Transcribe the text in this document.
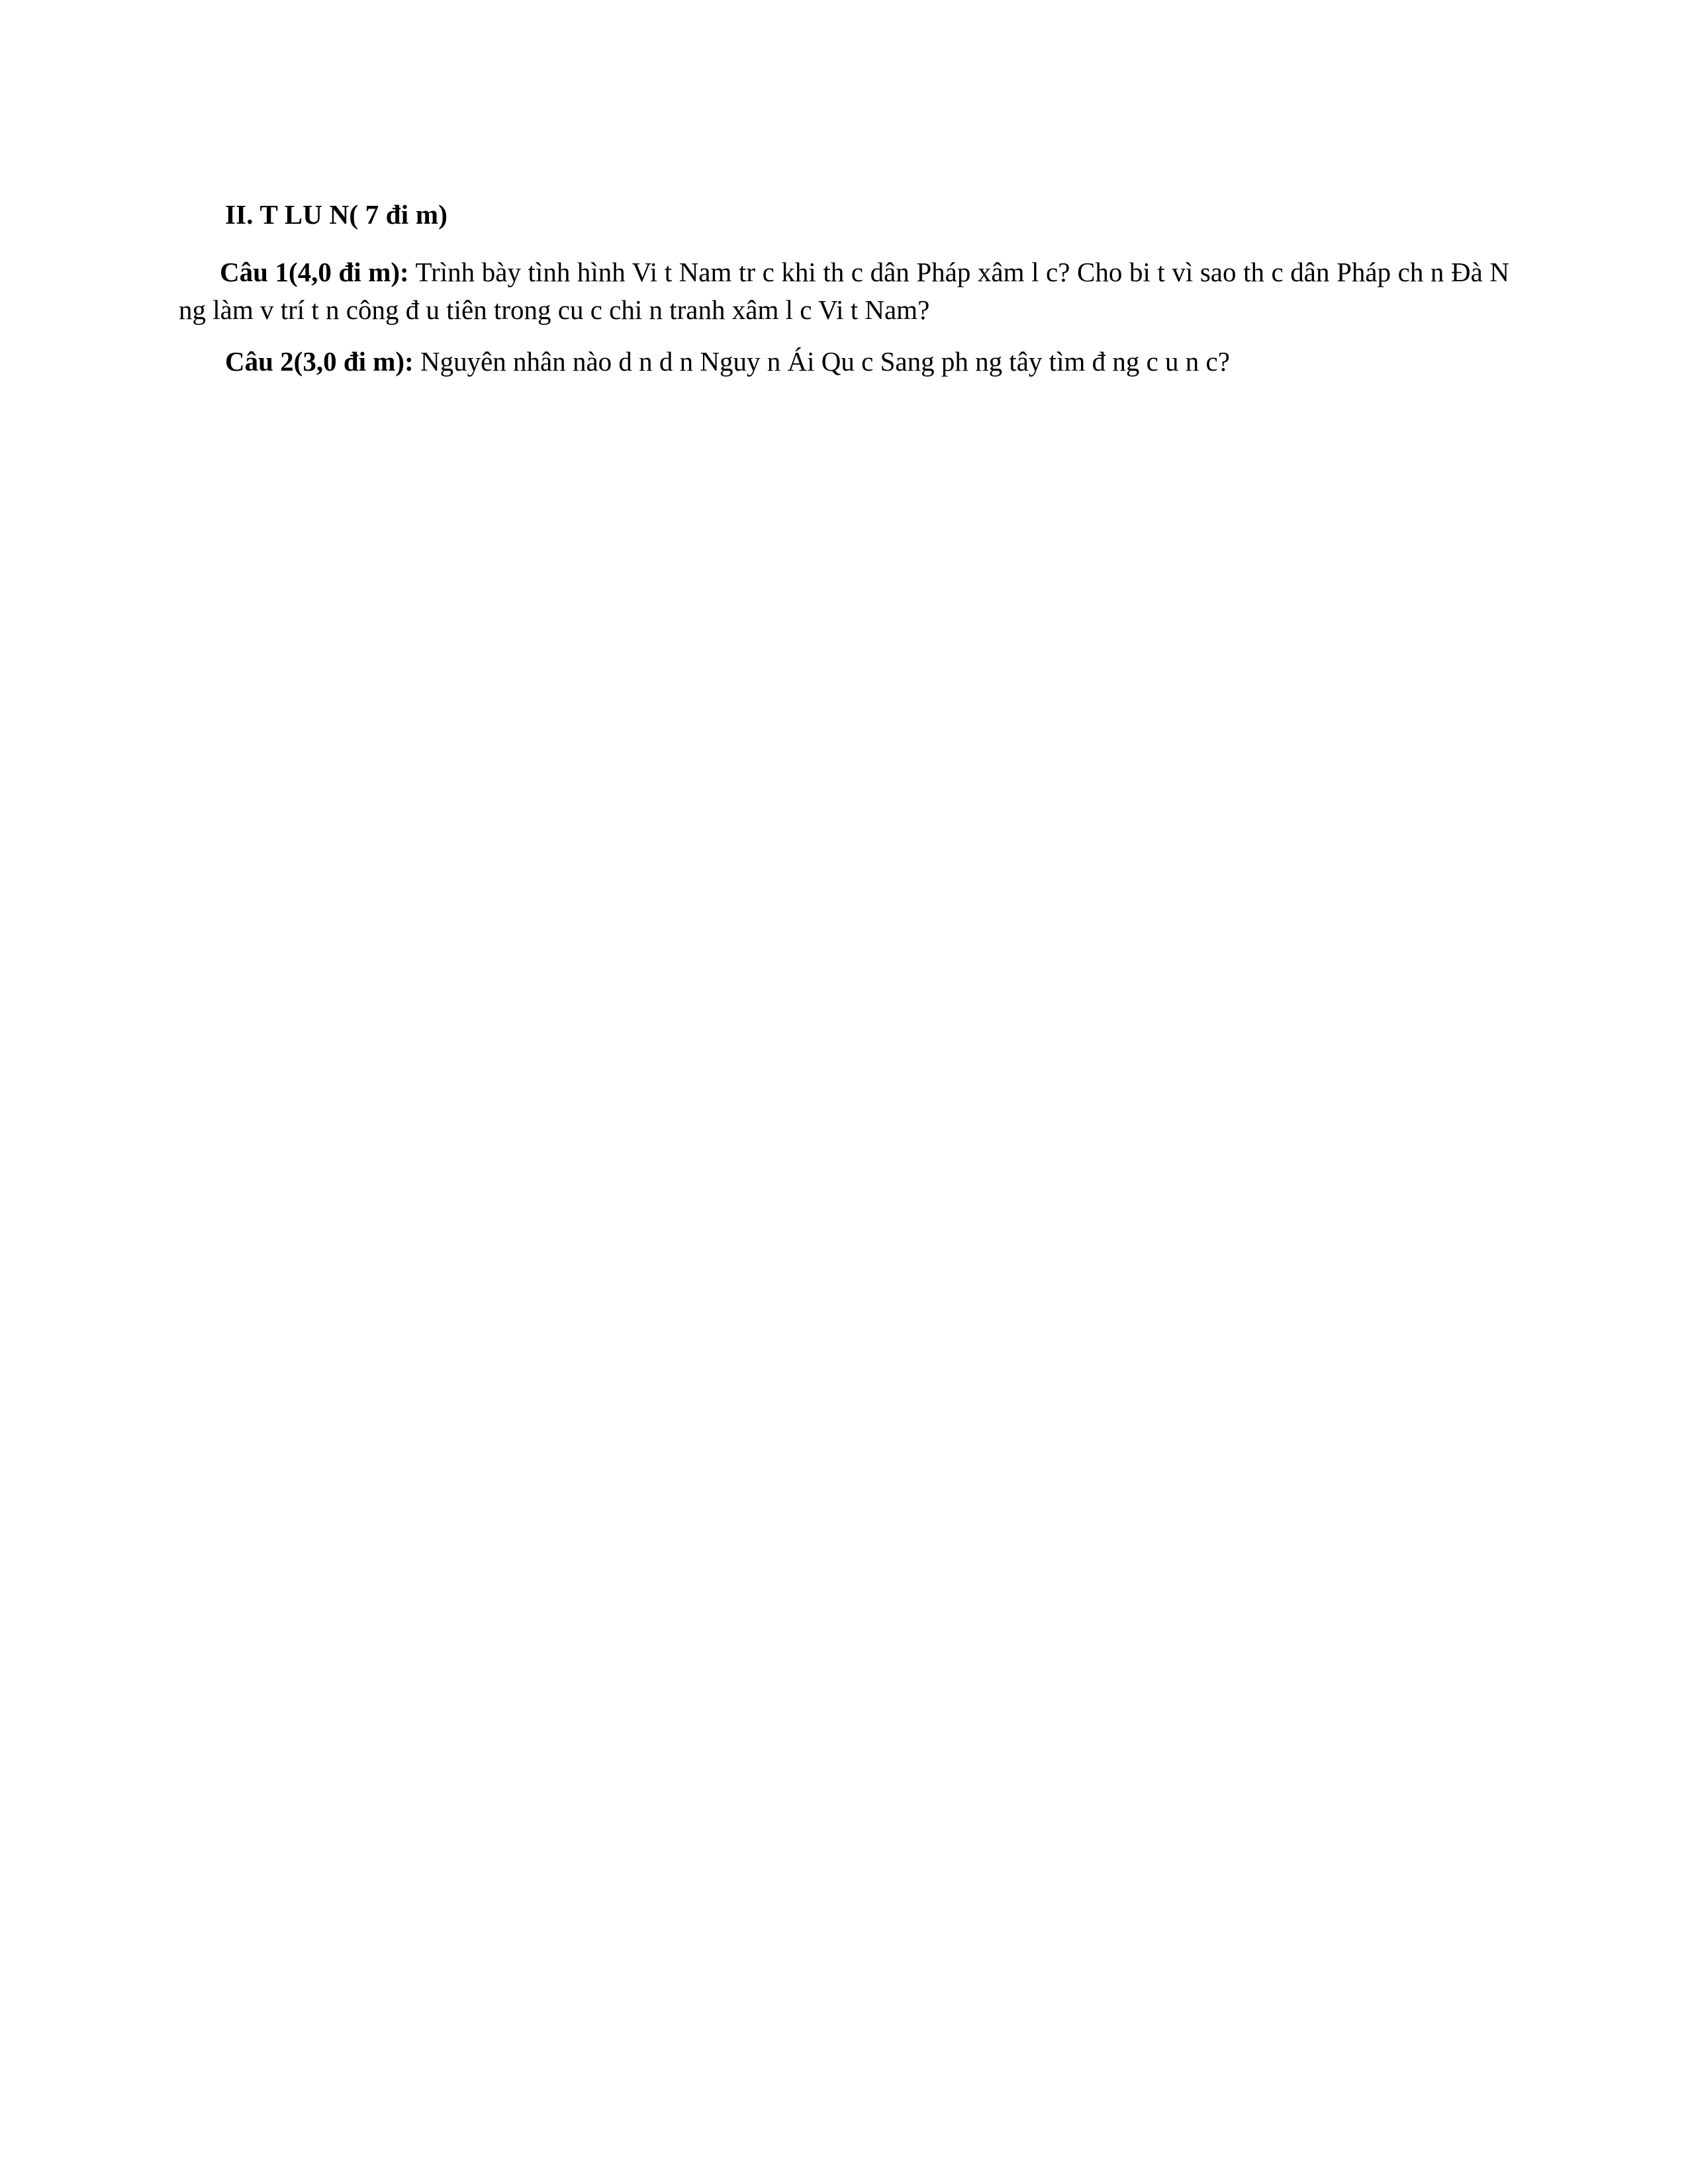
II. T LU N( 7 đi m)

Câu 1(4,0 đi m): Trình bày tình hình Vi t Nam tr c khi th c dân Pháp xâm l c? Cho bi t vì sao th c dân Pháp ch n Đà N ng làm v trí t n công đ u tiên trong cu c chi n tranh xâm l c Vi t Nam?

Câu 2(3,0 đi m): Nguyên nhân nào d n d n Nguy n Ái Qu c Sang ph ng tây tìm đ ng c u n c?
